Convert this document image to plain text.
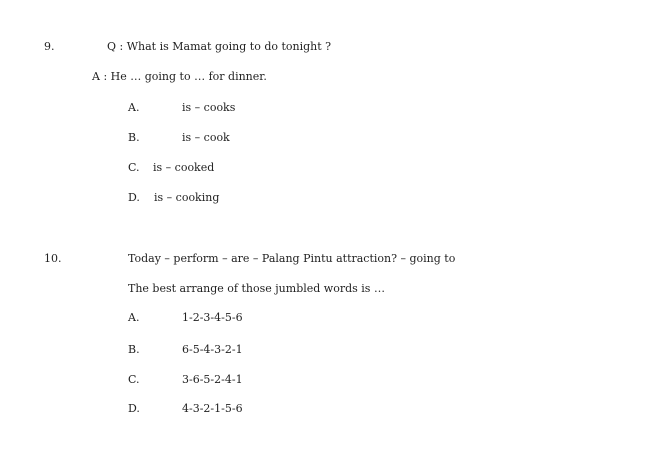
9.	Q : What is Mamat going to do tonight ?
A : He … going to … for dinner.
A.	is – cooks
B.	is – cook
C. is – cooked
D. is – cooking
10.	Today – perform – are – Palang Pintu attraction? – going to
The best arrange of those jumbled words is …
A.	1-2-3-4-5-6
B.	6-5-4-3-2-1
C.	3-6-5-2-4-1
D.	4-3-2-1-5-6
